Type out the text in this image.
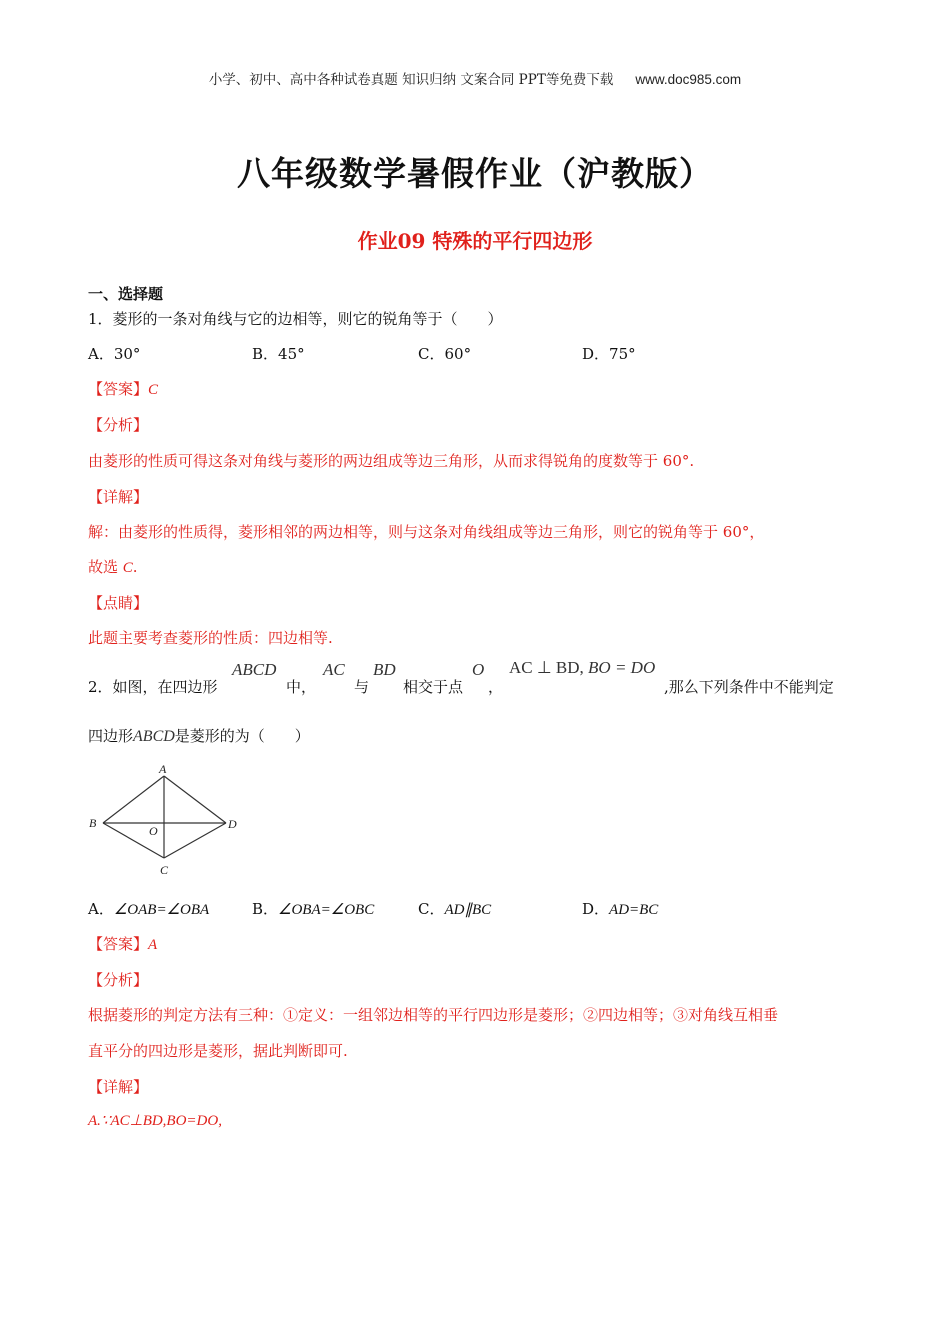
小学、初中、高中各种试卷真题 知识归纳 文案合同 PPT等免费下载 www.doc985.com
八年级数学暑假作业（沪教版）
作业09 特殊的平行四边形
一、选择题
1．菱形的一条对角线与它的边相等，则它的锐角等于（　　）
A．30°	B．45°	C．60°	D．75°
【答案】C
【分析】
由菱形的性质可得这条对角线与菱形的两边组成等边三角形，从而求得锐角的度数等于 60°.
【详解】
解：由菱形的性质得，菱形相邻的两边相等，则与这条对角线组成等边三角形，则它的锐角等于 60°，
故选 C.
【点睛】
此题主要考查菱形的性质：四边相等.
2．如图，在四边形
ABCD
中，
AC
与
BD
相交于点
O
，
AC ⊥ BD, BO = DO
,那么下列条件中不能判定
四边形ABCD是菱形的为（　　）
A
B
O	D
C
A．∠OAB=∠OBA	B．∠OBA=∠OBC	C．AD∥BC	D．AD=BC
【答案】A
【分析】
根据菱形的判定方法有三种：①定义：一组邻边相等的平行四边形是菱形；②四边相等；③对角线互相垂
直平分的四边形是菱形，据此判断即可.
【详解】
A.∵AC⊥BD,BO=DO,
